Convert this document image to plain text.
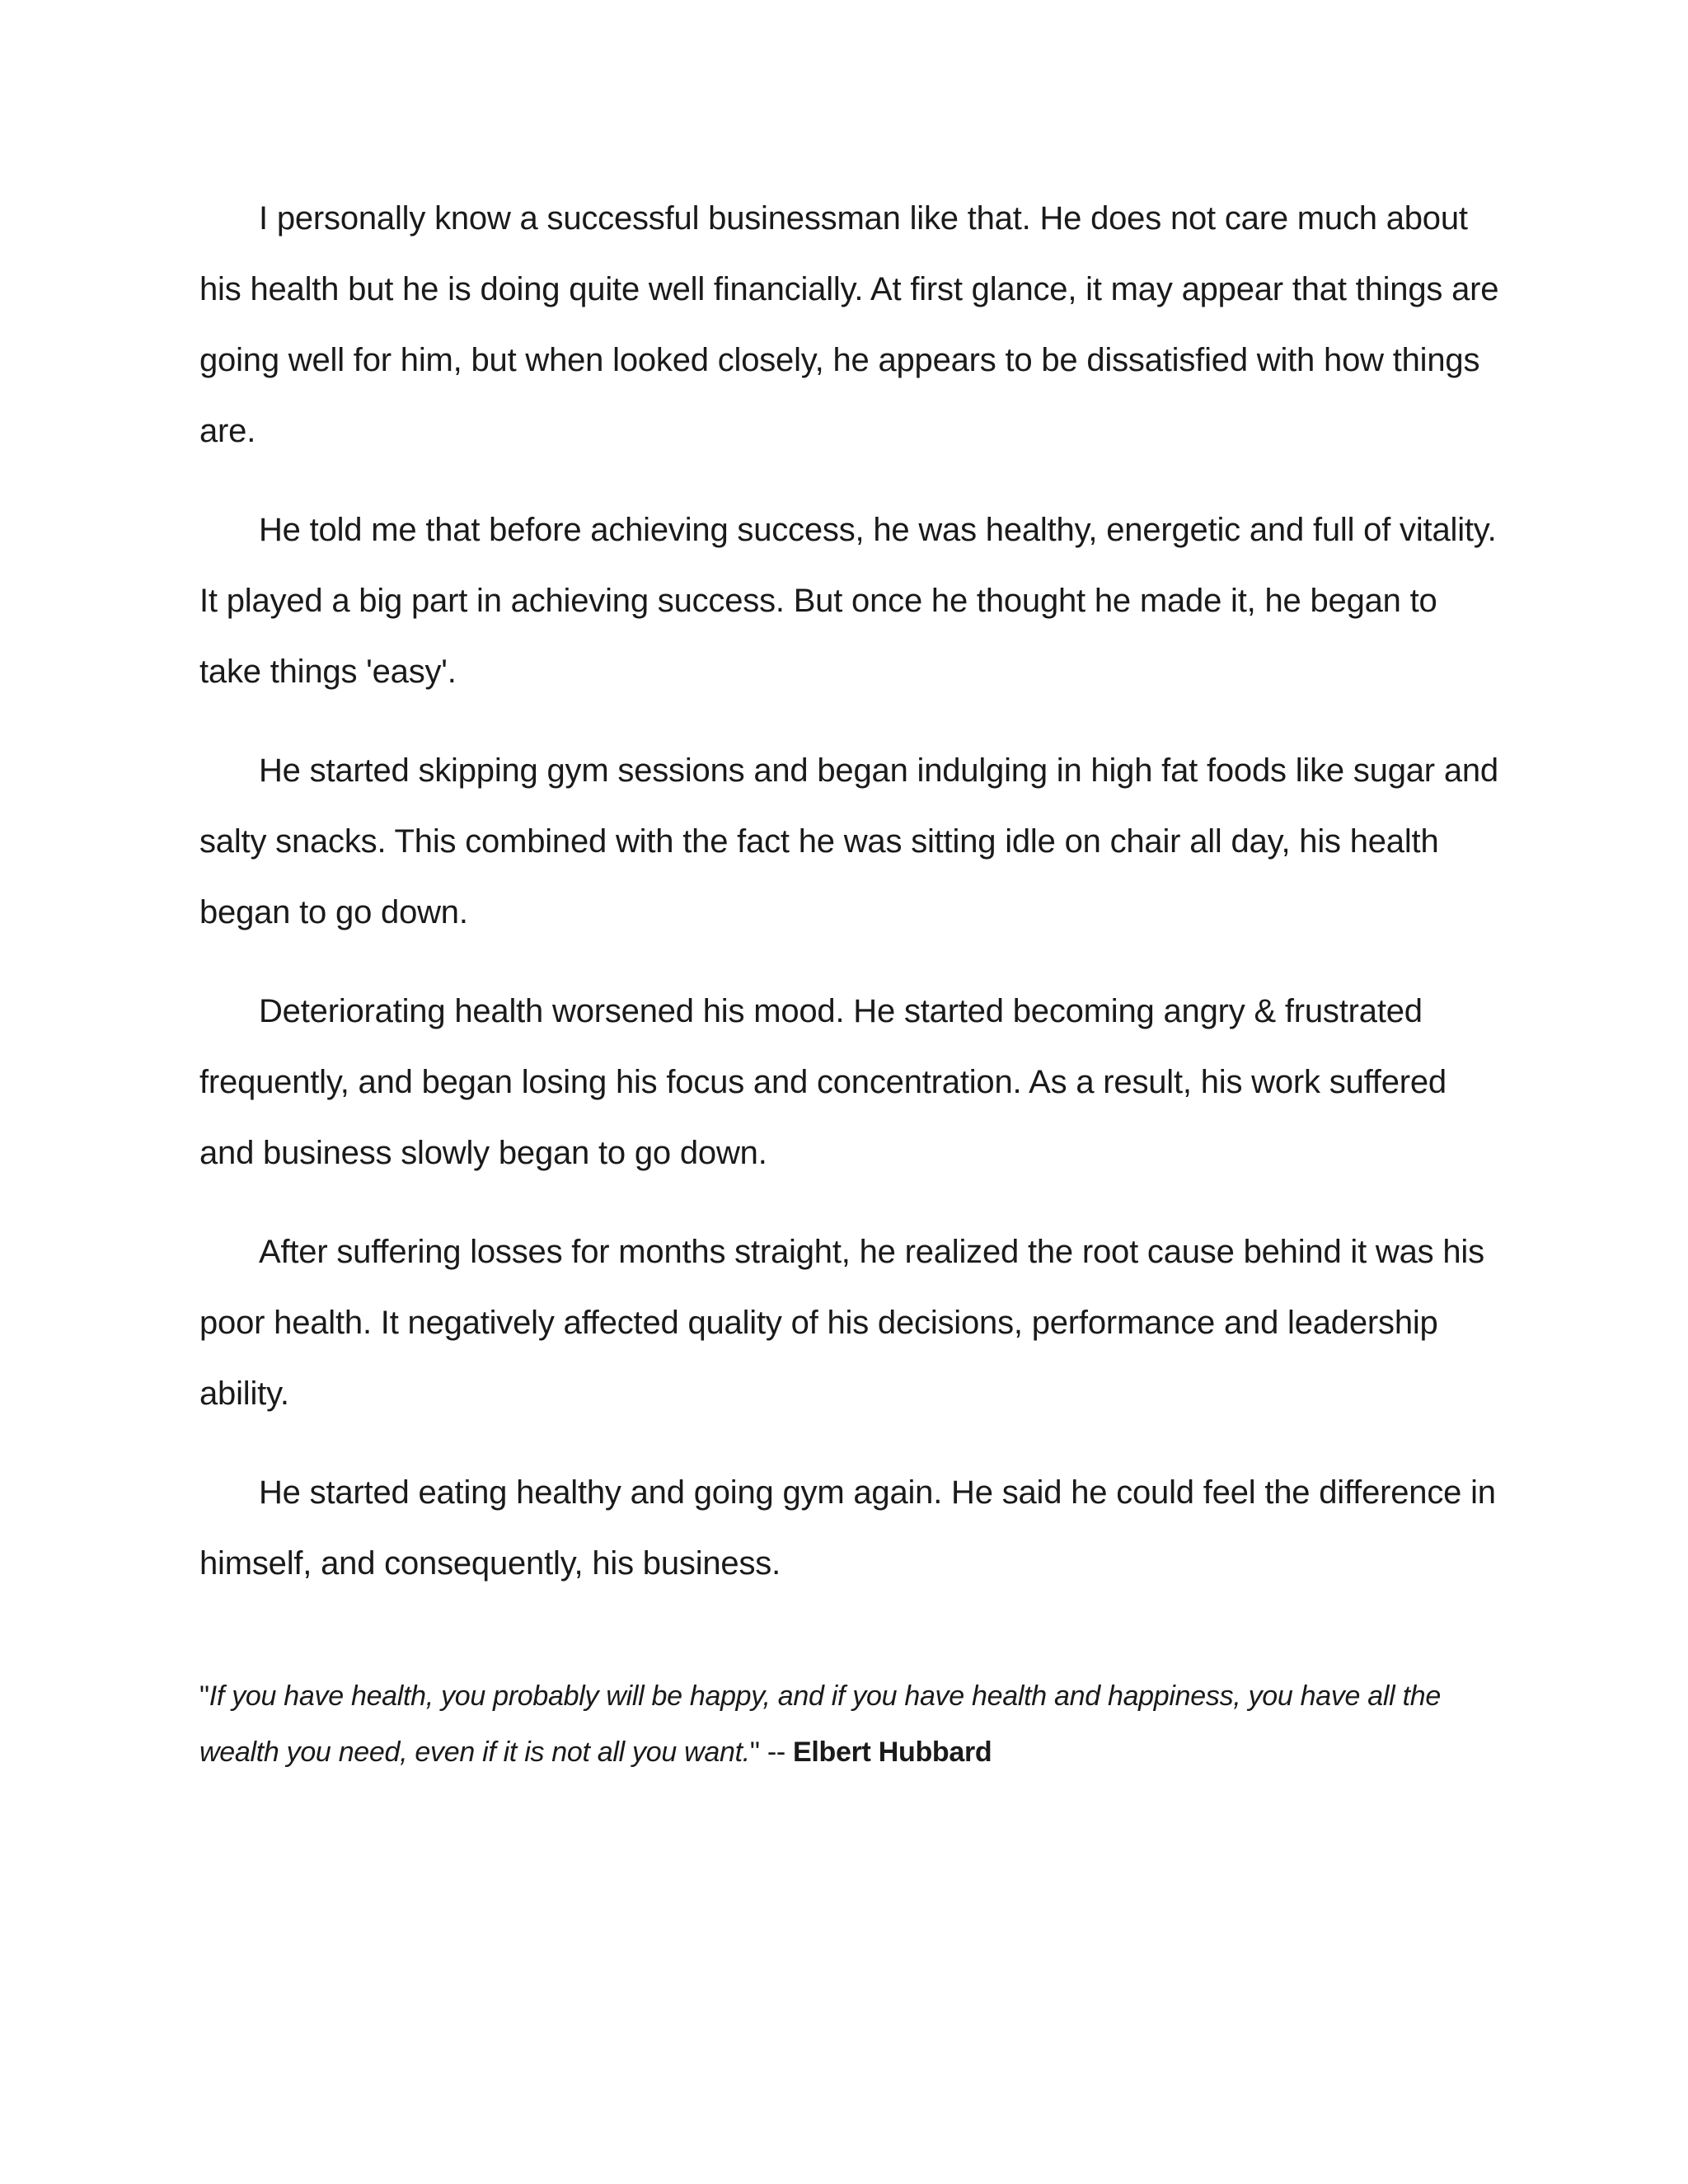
I personally know a successful businessman like that. He does not care much about his health but he is doing quite well financially. At first glance, it may appear that things are going well for him, but when looked closely, he appears to be dissatisfied with how things are.

He told me that before achieving success, he was healthy, energetic and full of vitality. It played a big part in achieving success. But once he thought he made it, he began to take things 'easy'.

He started skipping gym sessions and began indulging in high fat foods like sugar and salty snacks. This combined with the fact he was sitting idle on chair all day, his health began to go down.

Deteriorating health worsened his mood. He started becoming angry & frustrated frequently, and began losing his focus and concentration. As a result, his work suffered and business slowly began to go down.

After suffering losses for months straight, he realized the root cause behind it was his poor health. It negatively affected quality of his decisions, performance and leadership ability.

He started eating healthy and going gym again. He said he could feel the difference in himself, and consequently, his business.

"If you have health, you probably will be happy, and if you have health and happiness, you have all the wealth you need, even if it is not all you want." -- Elbert Hubbard
